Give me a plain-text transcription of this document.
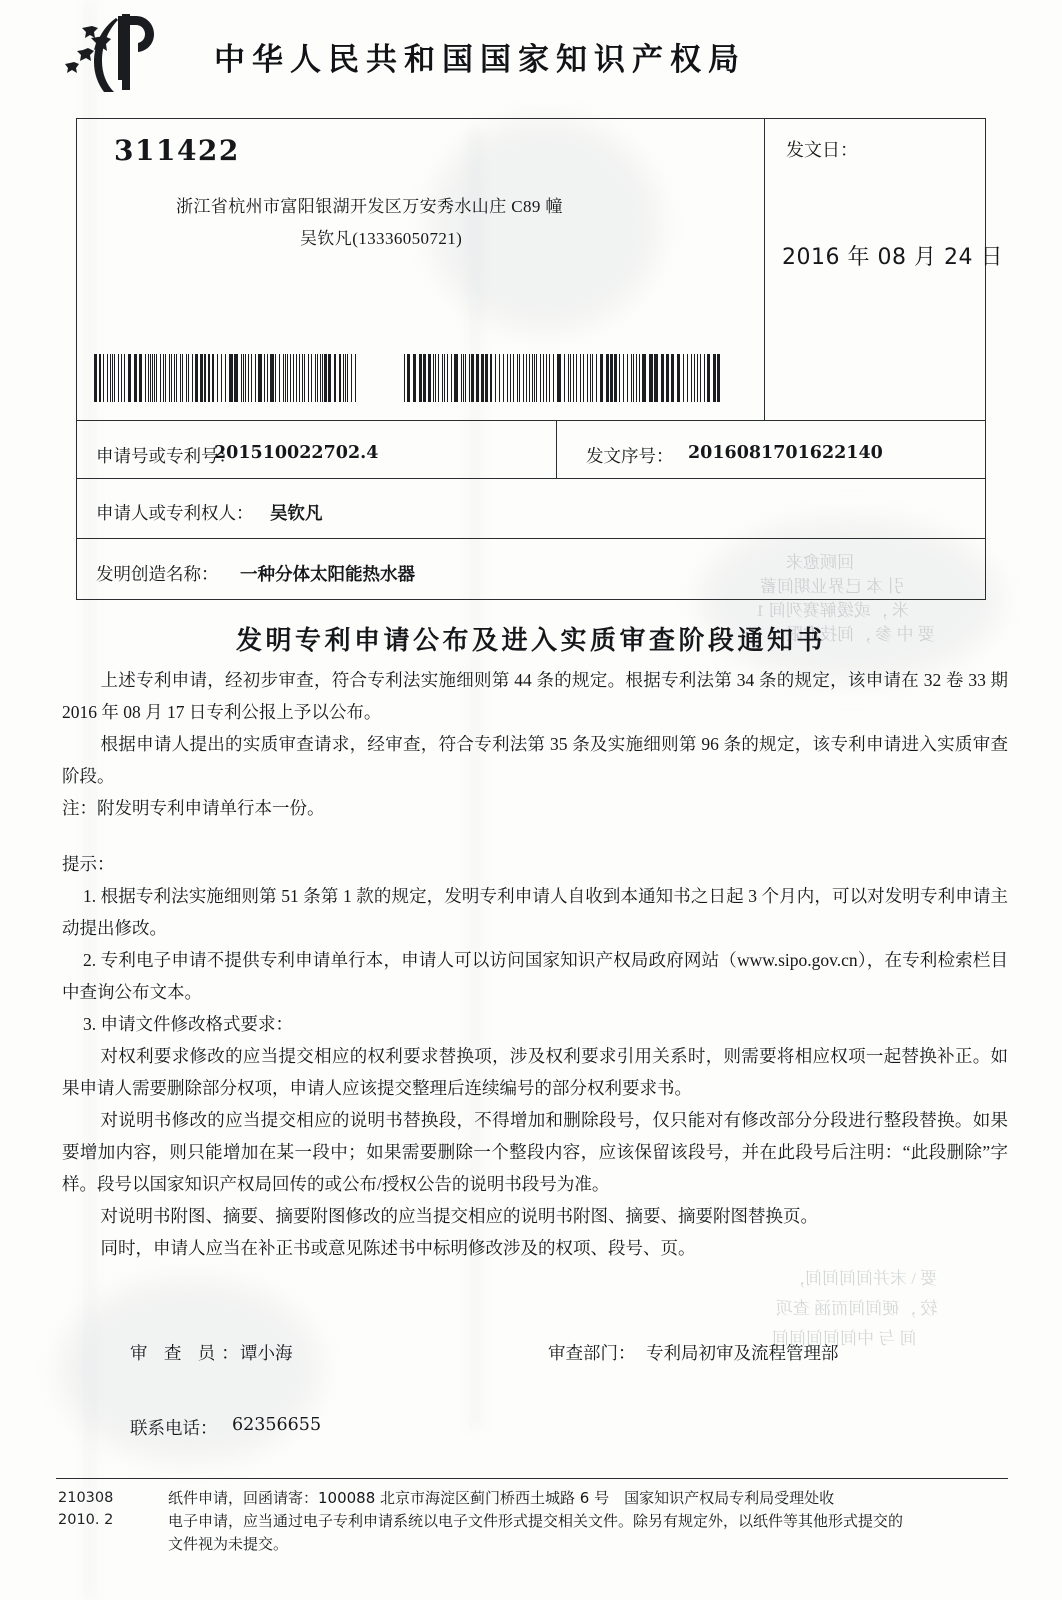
回顾愈来
引 本 已界业期间蓄
米 ，或缓解赛列间 1
要 中 参 ，间技准限
要 \ 末并间间间间，
较 ，硬间间而涵 查项
间 与 中间间间间间
中华人民共和国国家知识产权局
311422
浙江省杭州市富阳银湖开发区万安秀水山庄 C89 幢
吴钦凡(13336050721)
发文日：
2016 年 08 月 24 日
申请号或专利号：
201510022702.4	发文序号： 2016081701622140
申请人或专利权人： 吴钦凡
发明创造名称： 一种分体太阳能热水器
发明专利申请公布及进入实质审查阶段通知书

上述专利申请，经初步审查，符合专利法实施细则第 44 条的规定。根据专利法第 34 条的规定，该申请在 32 卷 33 期 2016 年 08 月 17 日专利公报上予以公布。

根据申请人提出的实质审查请求，经审查，符合专利法第 35 条及实施细则第 96 条的规定，该专利申请进入实质审查阶段。

注：附发明专利申请单行本一份。

提示：

1. 根据专利法实施细则第 51 条第 1 款的规定，发明专利申请人自收到本通知书之日起 3 个月内，可以对发明专利申请主动提出修改。

2. 专利电子申请不提供专利申请单行本，申请人可以访问国家知识产权局政府网站（www.sipo.gov.cn），在专利检索栏目中查询公布文本。

3. 申请文件修改格式要求：

对权利要求修改的应当提交相应的权利要求替换项，涉及权利要求引用关系时，则需要将相应权项一起替换补正。如果申请人需要删除部分权项，申请人应该提交整理后连续编号的部分权利要求书。

对说明书修改的应当提交相应的说明书替换段，不得增加和删除段号，仅只能对有修改部分分段进行整段替换。如果要增加内容，则只能增加在某一段中；如果需要删除一个整段内容，应该保留该段号，并在此段号后注明：“此段删除”字样。段号以国家知识产权局回传的或公布/授权公告的说明书段号为准。

对说明书附图、摘要、摘要附图修改的应当提交相应的说明书附图、摘要、摘要附图替换页。

同时，申请人应当在补正书或意见陈述书中标明修改涉及的权项、段号、页。

审 查 员：
谭小海	审查部门： 专利局初审及流程管理部
联系电话： 62356655
210308
2010. 2
纸件申请，回函请寄：100088 北京市海淀区蓟门桥西土城路 6 号　国家知识产权局专利局受理处收
电子申请，应当通过电子专利申请系统以电子文件形式提交相关文件。除另有规定外，以纸件等其他形式提交的
文件视为未提交。
